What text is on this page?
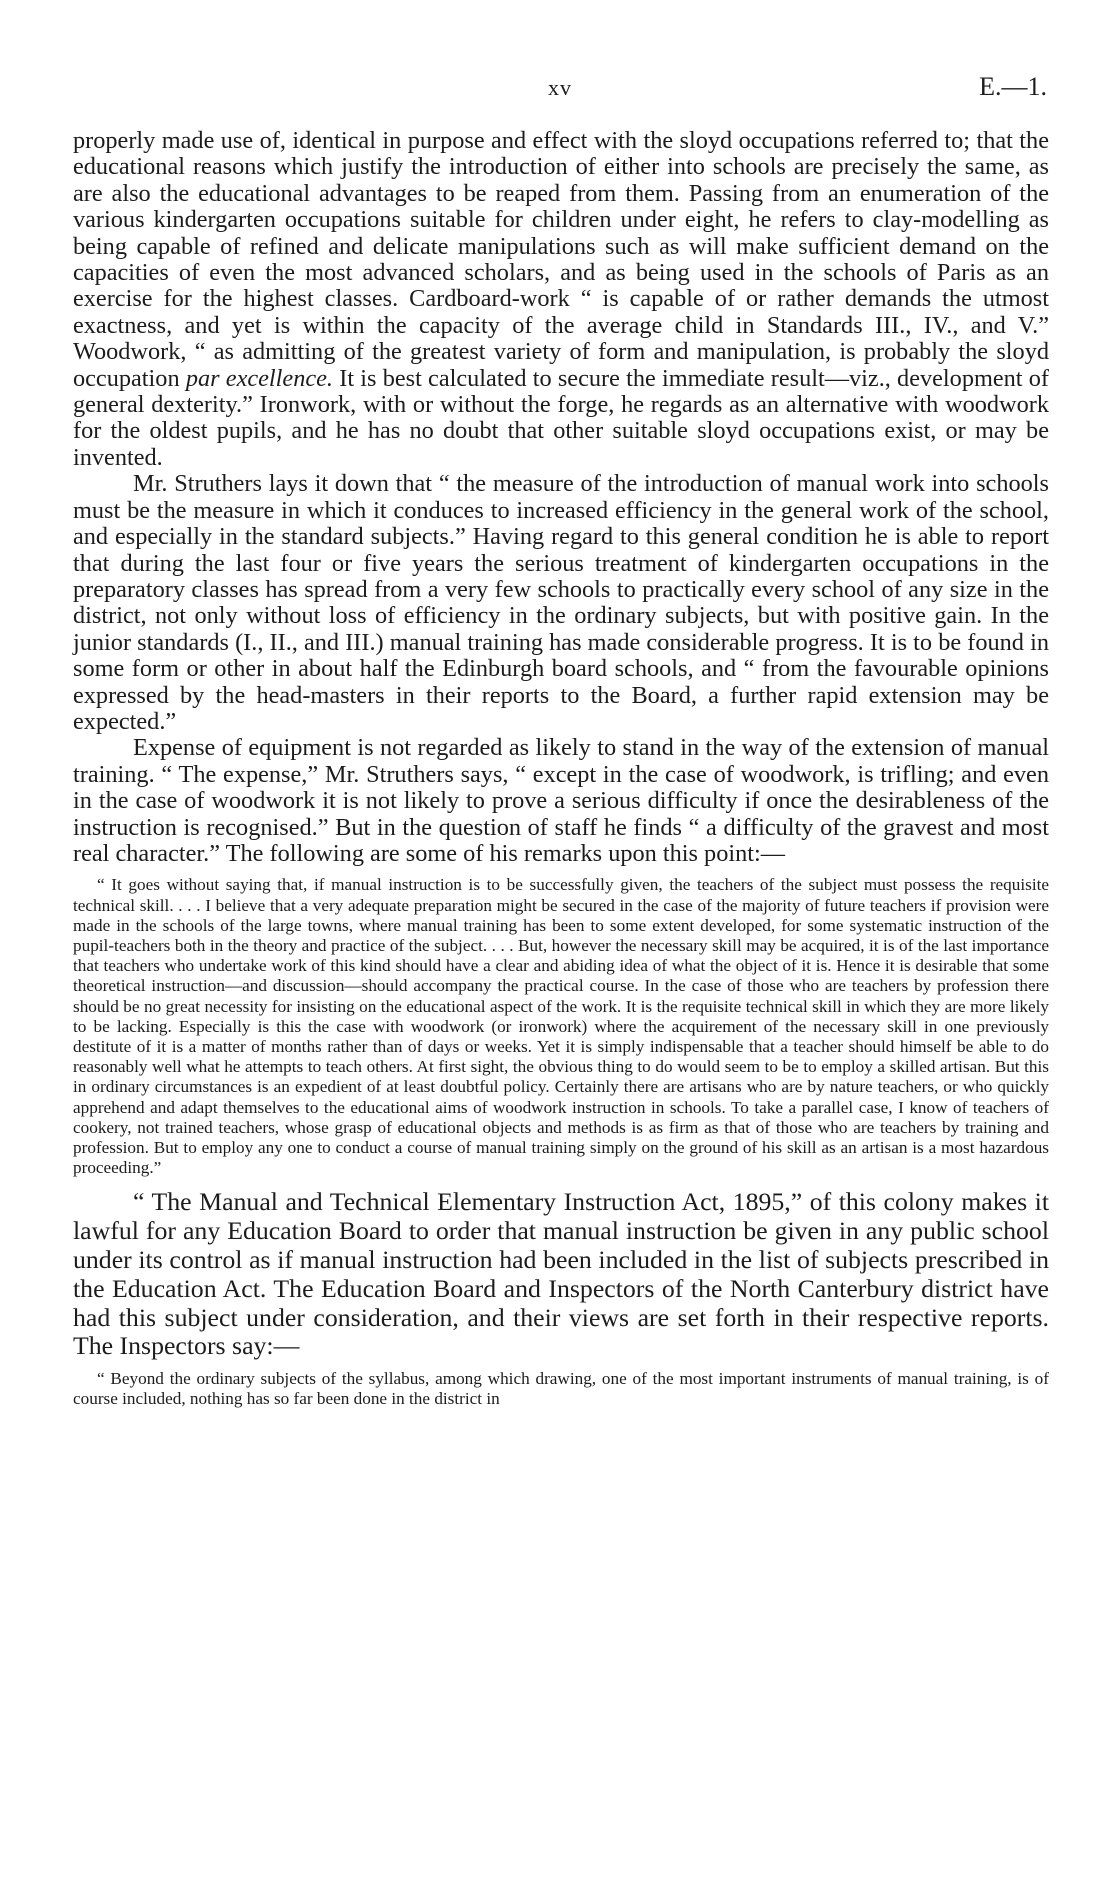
xv	E.—1.

properly made use of, identical in purpose and effect with the sloyd occupations referred to; that the educational reasons which justify the introduction of either into schools are precisely the same, as are also the educational advantages to be reaped from them. Passing from an enumeration of the various kindergarten occupations suitable for children under eight, he refers to clay-modelling as being capable of refined and delicate manipulations such as will make sufficient demand on the capacities of even the most advanced scholars, and as being used in the schools of Paris as an exercise for the highest classes. Cardboard-work “ is capable of or rather demands the utmost exactness, and yet is within the capacity of the average child in Standards III., IV., and V.” Woodwork, “ as admitting of the greatest variety of form and manipulation, is probably the sloyd occupation par excellence. It is best calculated to secure the immediate result—viz., development of general dexterity.” Ironwork, with or without the forge, he regards as an alternative with woodwork for the oldest pupils, and he has no doubt that other suitable sloyd occupations exist, or may be invented.

Mr. Struthers lays it down that “ the measure of the introduction of manual work into schools must be the measure in which it conduces to increased efficiency in the general work of the school, and especially in the standard subjects.” Having regard to this general condition he is able to report that during the last four or five years the serious treatment of kindergarten occupations in the preparatory classes has spread from a very few schools to practically every school of any size in the district, not only without loss of efficiency in the ordinary subjects, but with positive gain. In the junior standards (I., II., and III.) manual training has made considerable progress. It is to be found in some form or other in about half the Edinburgh board schools, and “ from the favourable opinions expressed by the head-masters in their reports to the Board, a further rapid extension may be expected.”

Expense of equipment is not regarded as likely to stand in the way of the extension of manual training. “ The expense,” Mr. Struthers says, “ except in the case of woodwork, is trifling; and even in the case of woodwork it is not likely to prove a serious difficulty if once the desirableness of the instruction is recognised.” But in the question of staff he finds “ a difficulty of the gravest and most real character.” The following are some of his remarks upon this point:—

“ It goes without saying that, if manual instruction is to be successfully given, the teachers of the subject must possess the requisite technical skill. . . . I believe that a very adequate preparation might be secured in the case of the majority of future teachers if provision were made in the schools of the large towns, where manual training has been to some extent developed, for some systematic instruction of the pupil-teachers both in the theory and practice of the subject. . . . But, however the necessary skill may be acquired, it is of the last importance that teachers who undertake work of this kind should have a clear and abiding idea of what the object of it is. Hence it is desirable that some theoretical instruction—and discussion—should accompany the practical course. In the case of those who are teachers by profession there should be no great necessity for insisting on the educational aspect of the work. It is the requisite technical skill in which they are more likely to be lacking. Especially is this the case with woodwork (or ironwork) where the acquirement of the necessary skill in one previously destitute of it is a matter of months rather than of days or weeks. Yet it is simply indispensable that a teacher should himself be able to do reasonably well what he attempts to teach others. At first sight, the obvious thing to do would seem to be to employ a skilled artisan. But this in ordinary circumstances is an expedient of at least doubtful policy. Certainly there are artisans who are by nature teachers, or who quickly apprehend and adapt themselves to the educational aims of woodwork instruction in schools. To take a parallel case, I know of teachers of cookery, not trained teachers, whose grasp of educational objects and methods is as firm as that of those who are teachers by training and profession. But to employ any one to conduct a course of manual training simply on the ground of his skill as an artisan is a most hazardous proceeding.”

“ The Manual and Technical Elementary Instruction Act, 1895,” of this colony makes it lawful for any Education Board to order that manual instruction be given in any public school under its control as if manual instruction had been included in the list of subjects prescribed in the Education Act. The Education Board and Inspectors of the North Canterbury district have had this subject under consideration, and their views are set forth in their respective reports. The Inspectors say:—

“ Beyond the ordinary subjects of the syllabus, among which drawing, one of the most important instruments of manual training, is of course included, nothing has so far been done in the district in
